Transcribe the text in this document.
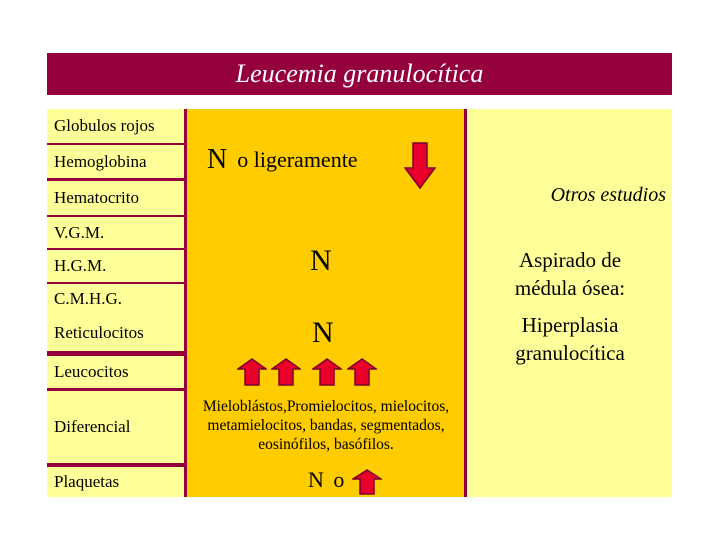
Leucemia granulocítica
Globulos rojos
Hemoglobina
Hematocrito
V.G.M.
H.G.M.
C.M.H.G.
Reticulocitos
Leucocitos
Diferencial
Plaquetas
N o ligeramente
N
N
Mieloblástos,Promielocitos, mielocitos, metamielocitos, bandas, segmentados, eosinófilos, basófilos.
N o
Otros estudios
Aspirado de médula ósea:
Hiperplasia granulocítica
